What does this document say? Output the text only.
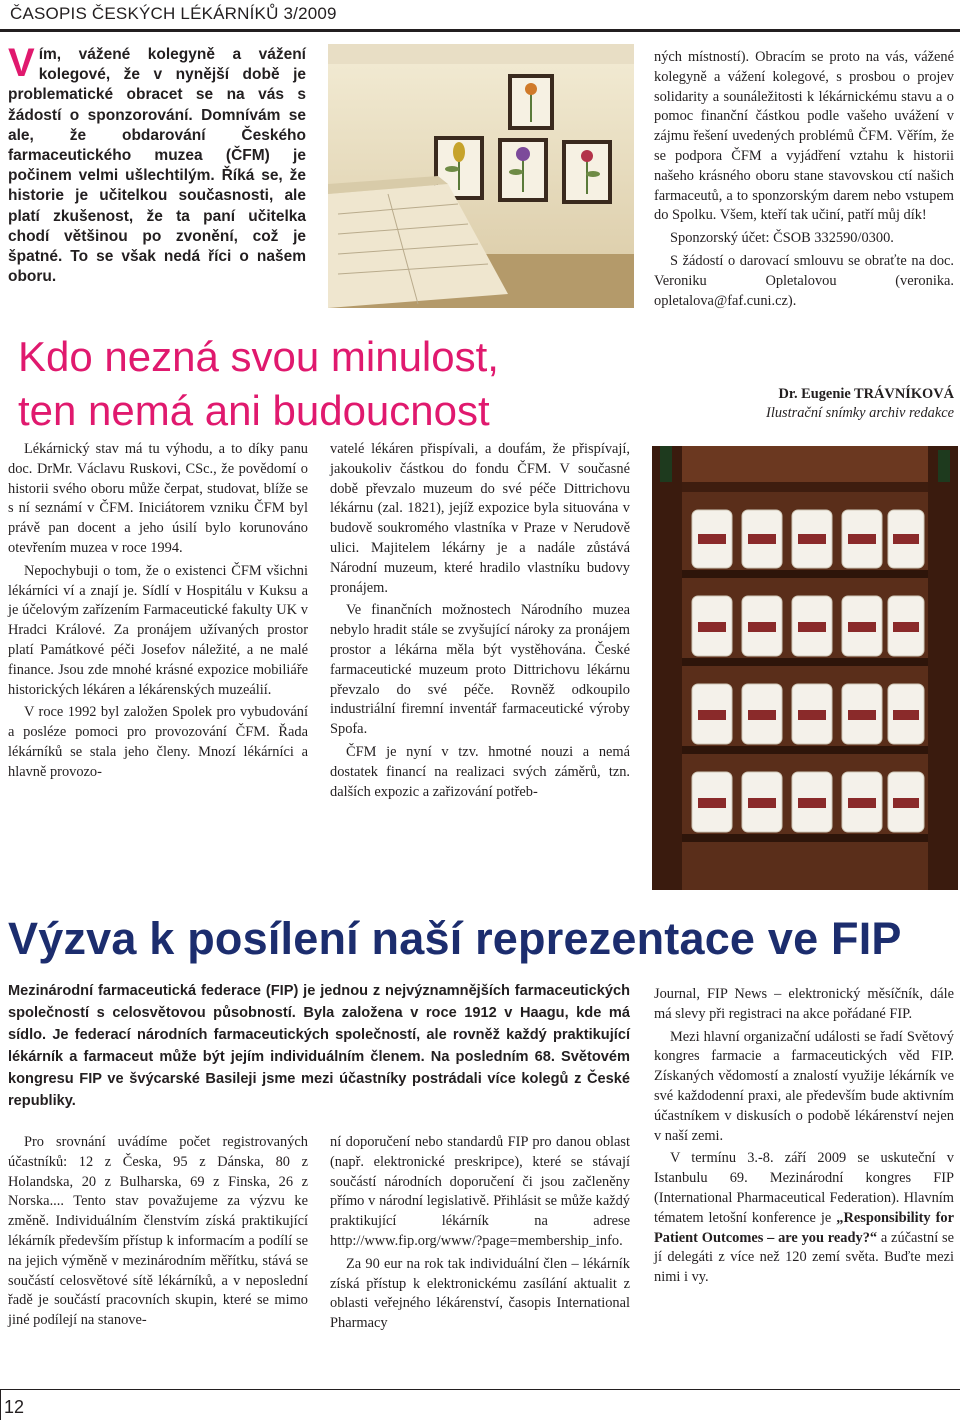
ČASOPIS ČESKÝCH LÉKÁRNÍKŮ 3/2009
Vím, vážené kolegyně a vážení kolegové, že v nynější době je problematické obracet se na vás s žádostí o sponzorování. Domnívám se ale, že obdarování Českého farmaceutického muzea (ČFM) je počinem velmi ušlechtilým. Říká se, že historie je učitelkou současnosti, ale platí zkušenost, že ta paní učitelka chodí většinou po zvonění, což je špatné. To se však nedá říci o našem oboru.
Kdo nezná svou minulost,
ten nemá ani budoucnost

ných místností). Obracím se proto na vás, vážené kolegyně a vážení kolegové, s prosbou o projev solidarity a sounáležitosti k lékárnickému stavu a o pomoc finanční částkou podle vašeho uvážení v zájmu řešení uvedených problémů ČFM. Věřím, že se podpora ČFM a vyjádření vztahu k historii našeho krásného oboru stane stavovskou ctí našich farmaceutů, a to sponzorským darem nebo vstupem do Spolku. Všem, kteří tak učiní, patří můj dík!

Sponzorský účet: ČSOB 332590/0300.

S žádostí o darovací smlouvu se obraťte na doc. Veroniku Opletalovou (veronika. opletalova@faf.cuni.cz).

Dr. Eugenie TRÁVNÍKOVÁ
Ilustrační snímky archiv redakce

Lékárnický stav má tu výhodu, a to díky panu doc. DrMr. Václavu Ruskovi, CSc., že povědomí o historii svého oboru může čerpat, studovat, blíže se s ní seznámí v ČFM. Iniciátorem vzniku ČFM byl právě pan docent a jeho úsilí bylo korunováno otevřením muzea v roce 1994.

Nepochybuji o tom, že o existenci ČFM všichni lékárníci ví a znají je. Sídlí v Hospitálu v Kuksu a je účelovým zařízením Farmaceutické fakulty UK v Hradci Králové. Za pronájem užívaných prostor platí Památkové péči Josefov náležité, a ne malé finance. Jsou zde mnohé krásné expozice mobiliáře historických lékáren a lékárenských muzeálií.

V roce 1992 byl založen Spolek pro vybudování a posléze pomoci pro provozování ČFM. Řada lékárníků se stala jeho členy. Mnozí lékárníci a hlavně provozo-

vatelé lékáren přispívali, a doufám, že přispívají, jakoukoliv částkou do fondu ČFM. V současné době převzalo muzeum do své péče Dittrichovu lékárnu (zal. 1821), jejíž expozice byla situována v budově soukromého vlastníka v Praze v Nerudově ulici. Majitelem lékárny je a nadále zůstává Národní muzeum, které hradilo vlastníku budovy pronájem.

Ve finančních možnostech Národního muzea nebylo hradit stále se zvyšující nároky za pronájem prostor a lékárna měla být vystěhována. České farmaceutické muzeum proto Dittrichovu lékárnu převzalo do své péče. Rovněž odkoupilo industriální firemní inventář farmaceutické výroby Spofa.

ČFM je nyní v tzv. hmotné nouzi a nemá dostatek financí na realizaci svých záměrů, tzn. dalších expozic a zařizování potřeb-

Výzva k posílení naší reprezentace ve FIP
Mezinárodní farmaceutická federace (FIP) je jednou z nejvýznamnějších farmaceutických společností s celosvětovou působností. Byla založena v roce 1912 v Haagu, kde má sídlo. Je federací národních farmaceutických společností, ale rovněž každý praktikující lékárník a farmaceut může být jejím individuálním členem. Na posledním 68. Světovém kongresu FIP ve švýcarské Basileji jsme mezi účastníky postrádali více kolegů z České republiky.

Pro srovnání uvádíme počet registrovaných účastníků: 12 z Česka, 95 z Dánska, 80 z Holandska, 20 z Bulharska, 69 z Finska, 26 z Norska.... Tento stav považujeme za výzvu ke změně. Individuálním členstvím získá praktikující lékárník především přístup k informacím a podílí se na jejich výměně v mezinárodním měřítku, stává se součástí celosvětové sítě lékárníků, a v neposlední řadě je součástí pracovních skupin, které se mimo jiné podílejí na stanove-

ní doporučení nebo standardů FIP pro danou oblast (např. elektronické preskripce), které se stávají součástí národních doporučení či jsou začleněny přímo v národní legislativě. Přihlásit se může každý praktikující lékárník na adrese http://www.fip.org/www/?page=membership_info.

Za 90 eur na rok tak individuální člen – lékárník získá přístup k elektronickému zasílání aktualit z oblasti veřejného lékárenství, časopis International Pharmacy

Journal, FIP News – elektronický měsíčník, dále má slevy při registraci na akce pořádané FIP.

Mezi hlavní organizační události se řadí Světový kongres farmacie a farmaceutických věd FIP. Získaných vědomostí a znalostí využije lékárník ve své každodenní praxi, ale především bude aktivním účastníkem v diskusích o podobě lékárenství nejen v naší zemi.

V termínu 3.-8. září 2009 se uskuteční v Istanbulu 69. Mezinárodní kongres FIP (International Pharmaceutical Federation). Hlavním tématem letošní konference je „Responsibility for Patient Outcomes – are you ready?“ a zúčastní se jí delegáti z více než 120 zemí světa. Buďte mezi nimi i vy.

12
